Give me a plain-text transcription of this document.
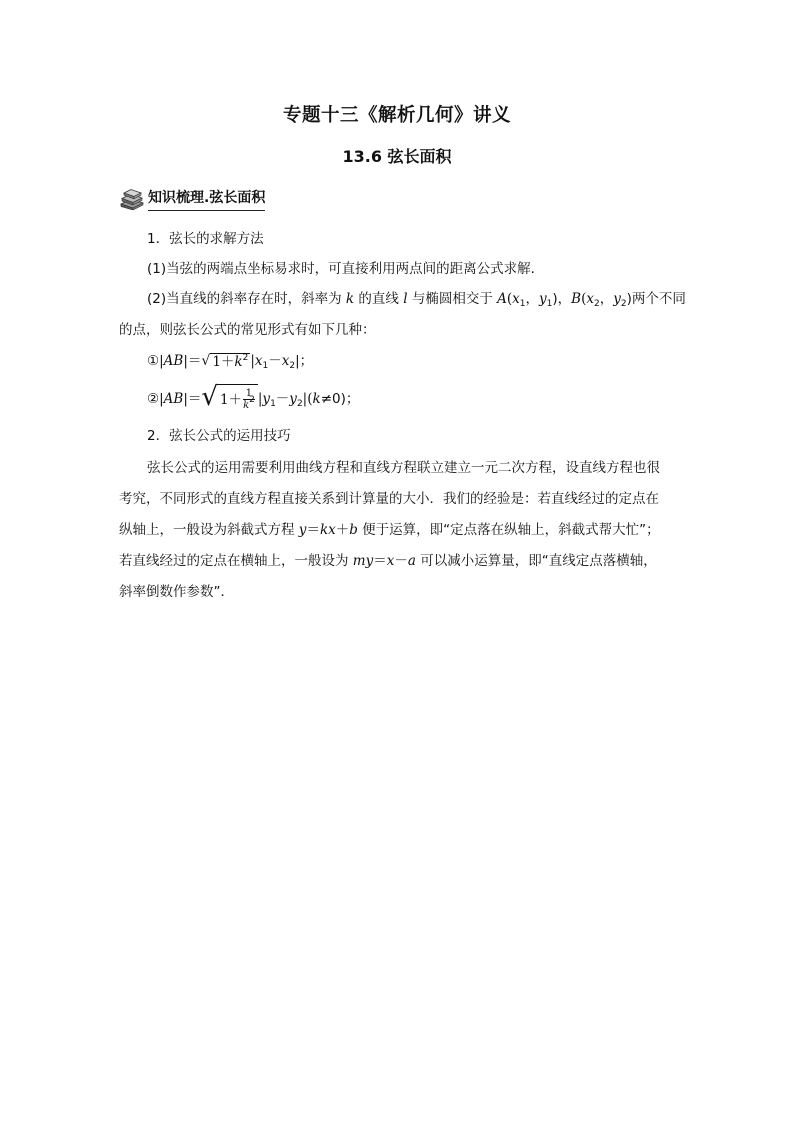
专题十三《解析几何》讲义
13.6 弦长面积
知识梳理.弦长面积
1．弦长的求解方法
(1)当弦的两端点坐标易求时，可直接利用两点间的距离公式求解．
(2)当直线的斜率存在时，斜率为 k 的直线 l 与椭圆相交于 $A(x_1$，$y_1$)，$B(x_2$，$y_2$)两个不同
的点，则弦长公式的常见形式有如下几种：
①|AB|＝ √ $1+k^2$ $|x_1-x_2|$；
②|AB|＝ √ $1+ \frac{1}{k^2} |y_1-y_2|(k\ne 0)$；
2．弦长公式的运用技巧
弦长公式的运用需要利用曲线方程和直线方程联立建立一元二次方程，设直线方程也很
考究，不同形式的直线方程直接关系到计算量的大小．我们的经验是：若直线经过的定点在
纵轴上，一般设为斜截式方程 y＝kx＋b 便于运算，即“定点落在纵轴上，斜截式帮大忙”；
若直线经过的定点在横轴上，一般设为 my＝x－a 可以减小运算量，即“直线定点落横轴，
斜率倒数作参数”．
